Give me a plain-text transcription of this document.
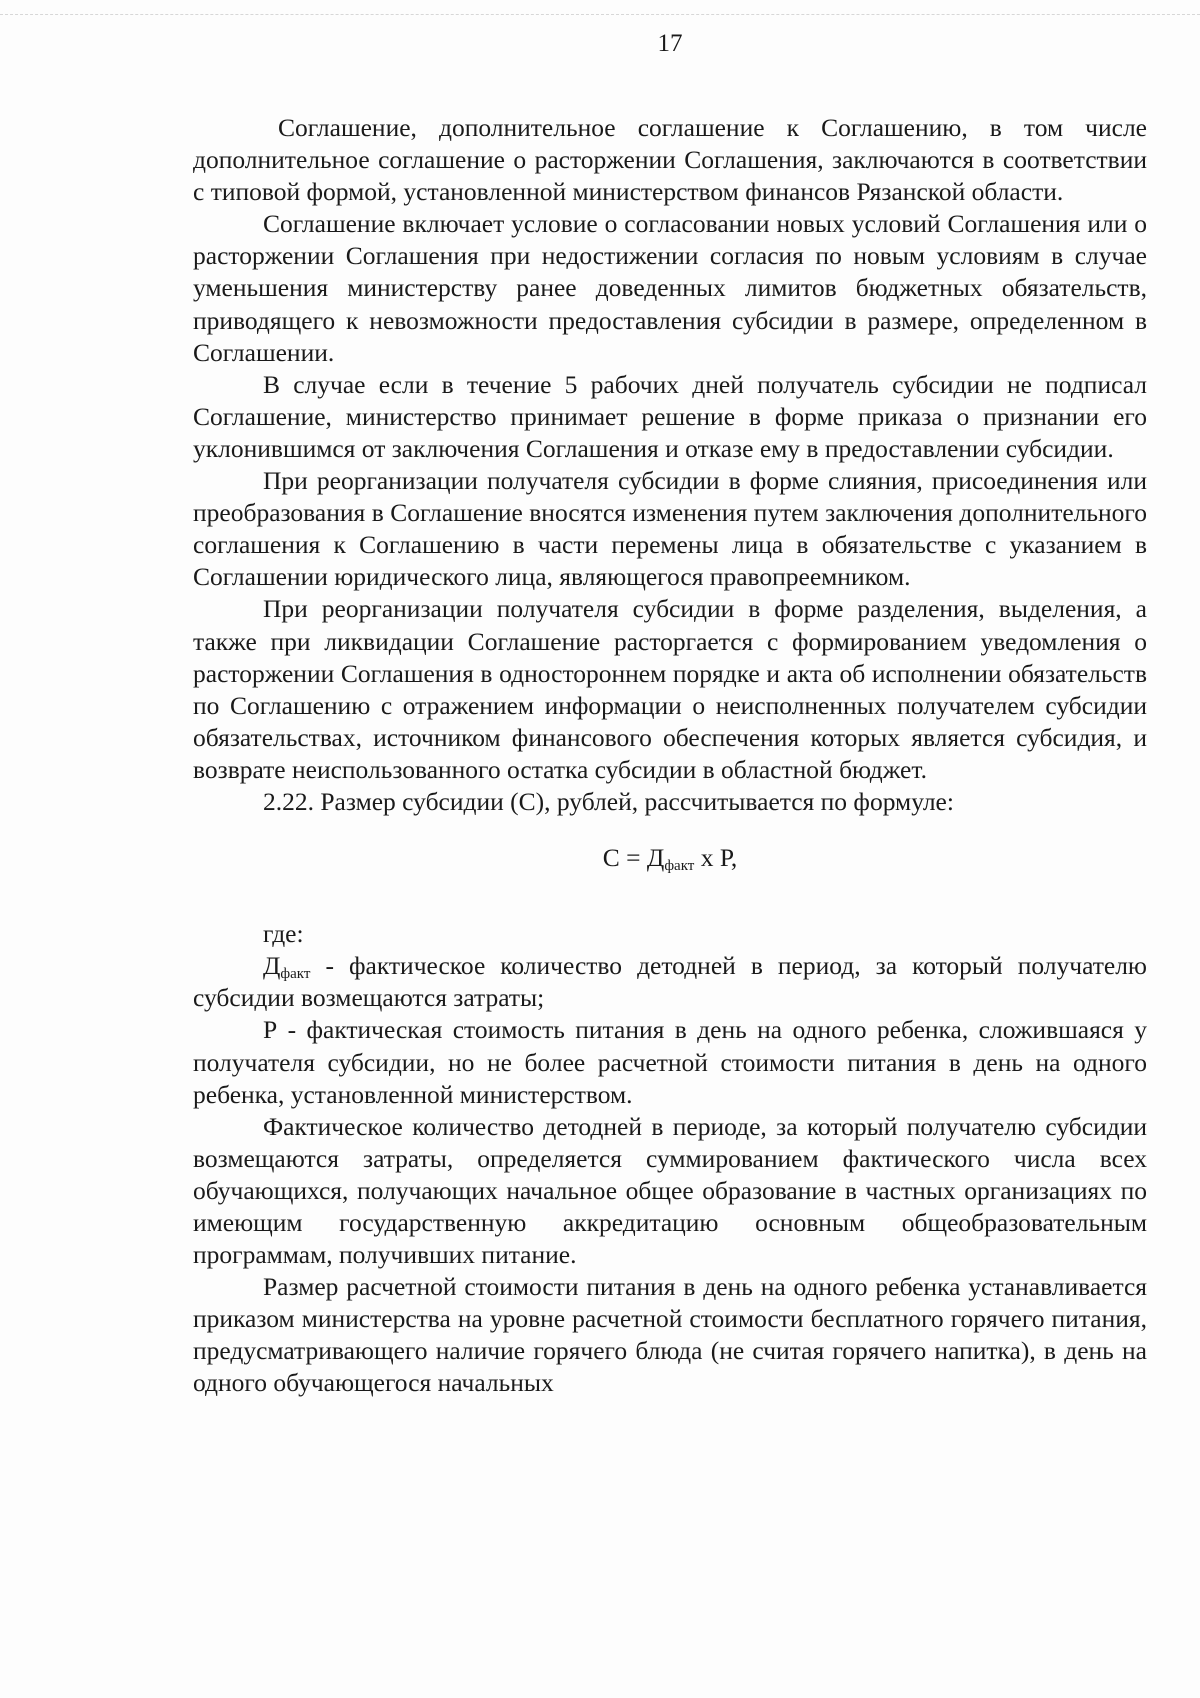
17

Соглашение, дополнительное соглашение к Соглашению, в том числе дополнительное соглашение о расторжении Соглашения, заключаются в соответствии с типовой формой, установленной министерством финансов Рязанской области.

Соглашение включает условие о согласовании новых условий Соглашения или о расторжении Соглашения при недостижении согласия по новым условиям в случае уменьшения министерству ранее доведенных лимитов бюджетных обязательств, приводящего к невозможности предоставления субсидии в размере, определенном в Соглашении.

В случае если в течение 5 рабочих дней получатель субсидии не подписал Соглашение, министерство принимает решение в форме приказа о признании его уклонившимся от заключения Соглашения и отказе ему в предоставлении субсидии.

При реорганизации получателя субсидии в форме слияния, присоединения или преобразования в Соглашение вносятся изменения путем заключения дополнительного соглашения к Соглашению в части перемены лица в обязательстве с указанием в Соглашении юридического лица, являющегося правопреемником.

При реорганизации получателя субсидии в форме разделения, выделения, а также при ликвидации Соглашение расторгается с формированием уведомления о расторжении Соглашения в одностороннем порядке и акта об исполнении обязательств по Соглашению с отражением информации о неисполненных получателем субсидии обязательствах, источником финансового обеспечения которых является субсидия, и возврате неиспользованного остатка субсидии в областной бюджет.

2.22. Размер субсидии (С), рублей, рассчитывается по формуле:

$С = Д_{факт}$ x Р,

где:

$Д_{факт}$ - фактическое количество детодней в период, за который получателю субсидии возмещаются затраты;

Р - фактическая стоимость питания в день на одного ребенка, сложившаяся у получателя субсидии, но не более расчетной стоимости питания в день на одного ребенка, установленной министерством.

Фактическое количество детодней в периоде, за который получателю субсидии возмещаются затраты, определяется суммированием фактического числа всех обучающихся, получающих начальное общее образование в частных организациях по имеющим государственную аккредитацию основным общеобразовательным программам, получивших питание.

Размер расчетной стоимости питания в день на одного ребенка устанавливается приказом министерства на уровне расчетной стоимости бесплатного горячего питания, предусматривающего наличие горячего блюда (не считая горячего напитка), в день на одного обучающегося начальных
